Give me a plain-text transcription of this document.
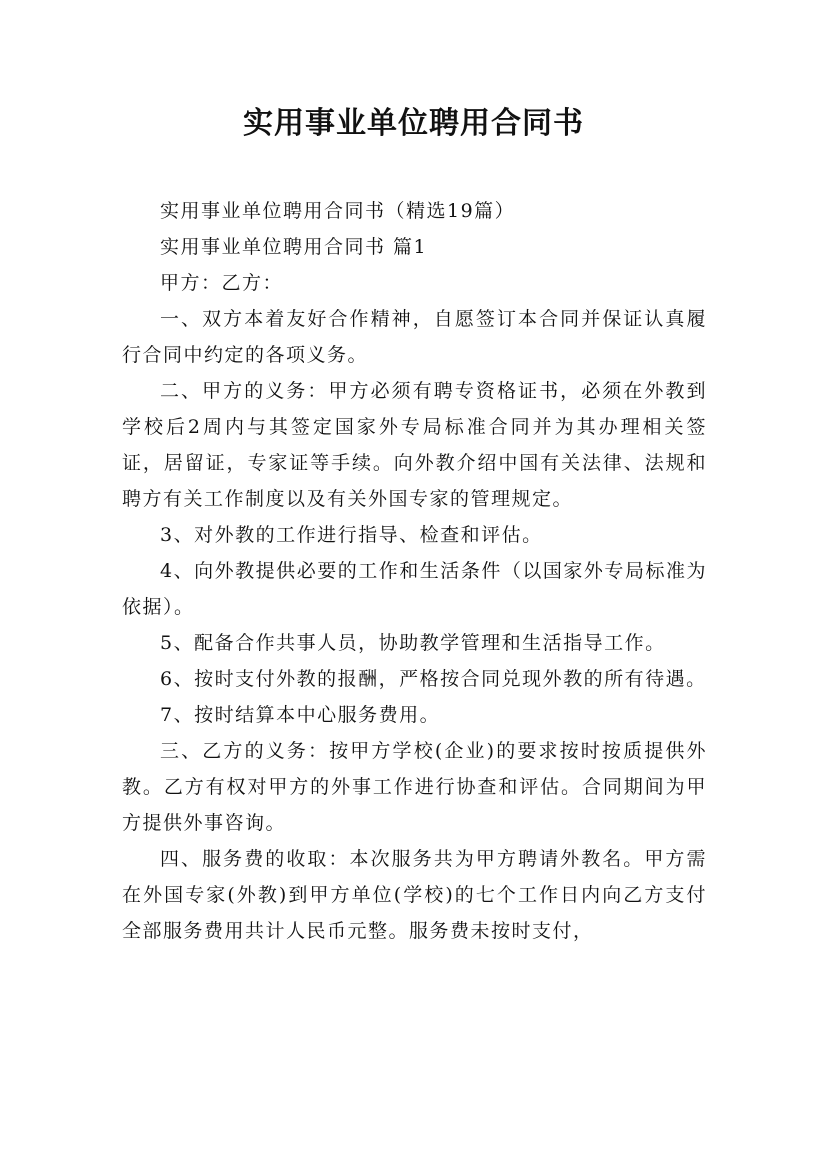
实用事业单位聘用合同书

实用事业单位聘用合同书（精选19篇）

实用事业单位聘用合同书 篇1

甲方：乙方：

一、双方本着友好合作精神，自愿签订本合同并保证认真履行合同中约定的各项义务。

二、甲方的义务：甲方必须有聘专资格证书，必须在外教到学校后2周内与其签定国家外专局标准合同并为其办理相关签证，居留证，专家证等手续。向外教介绍中国有关法律、法规和聘方有关工作制度以及有关外国专家的管理规定。

3、对外教的工作进行指导、检查和评估。

4、向外教提供必要的工作和生活条件（以国家外专局标准为依据）。

5、配备合作共事人员，协助教学管理和生活指导工作。

6、按时支付外教的报酬，严格按合同兑现外教的所有待遇。

7、按时结算本中心服务费用。

三、乙方的义务：按甲方学校(企业)的要求按时按质提供外教。乙方有权对甲方的外事工作进行协查和评估。合同期间为甲方提供外事咨询。

四、服务费的收取：本次服务共为甲方聘请外教名。甲方需在外国专家(外教)到甲方单位(学校)的七个工作日内向乙方支付全部服务费用共计人民币元整。服务费未按时支付，
